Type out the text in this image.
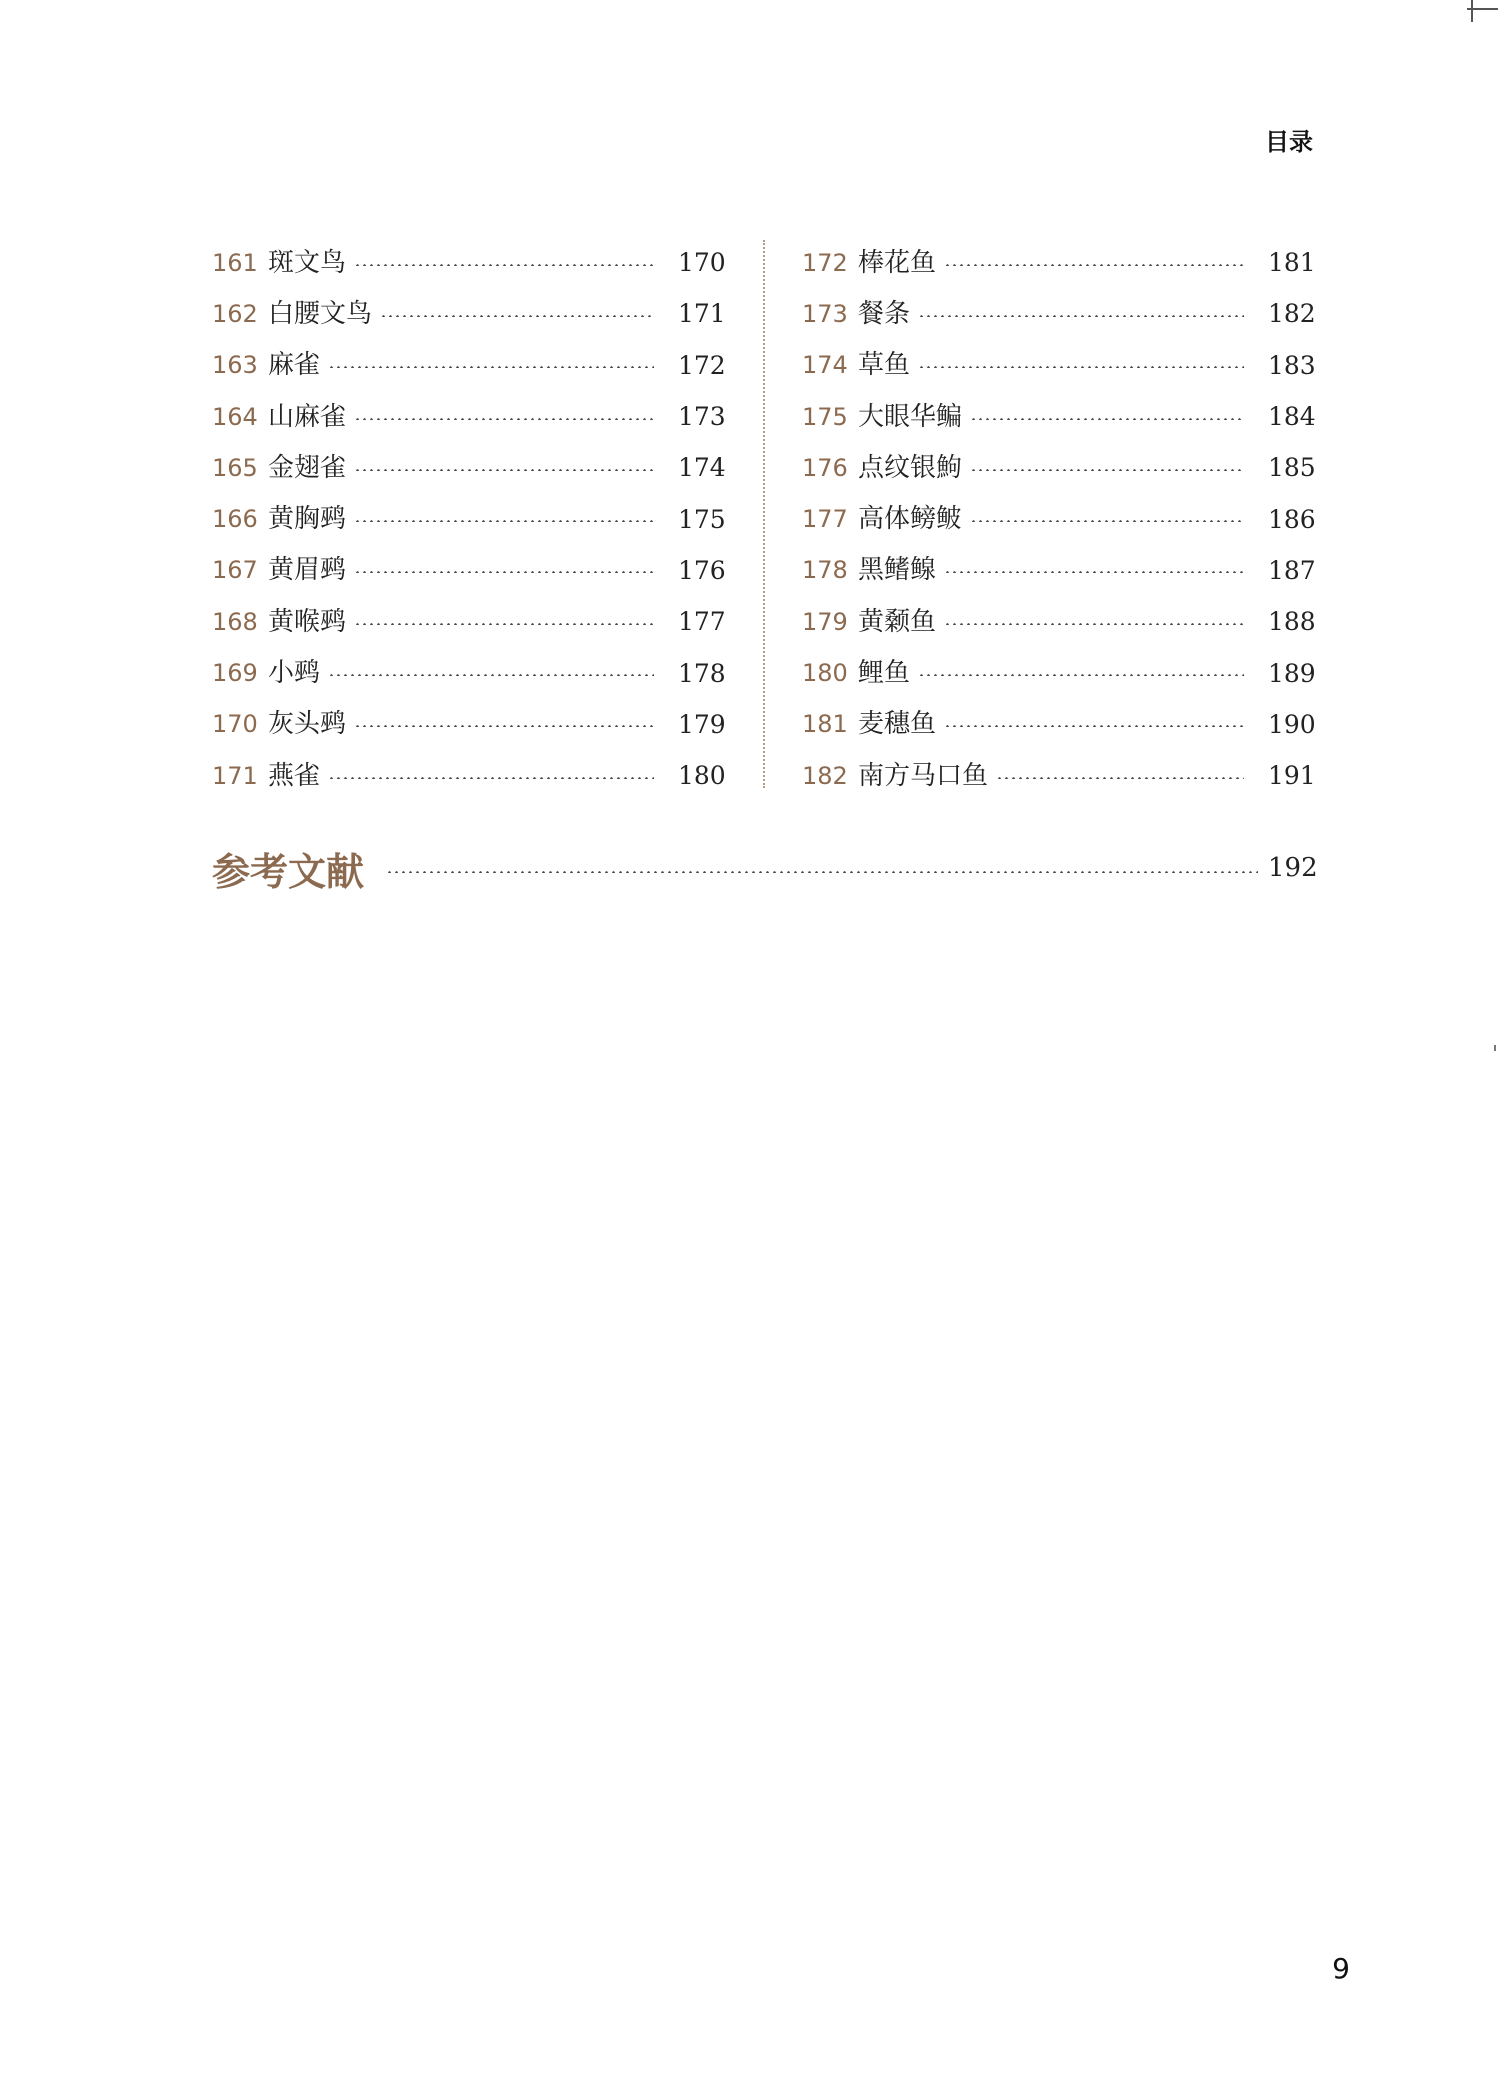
目录
161 斑文鸟	170
162 白腰文鸟	171
163 麻雀	172
164 山麻雀	173
165 金翅雀	174
166 黄胸鹀	175
167 黄眉鹀	176
168 黄喉鹀	177
169 小鹀	178
170 灰头鹀	179
171 燕雀	180
172 棒花鱼	181
173 餐条	182
174 草鱼	183
175 大眼华鳊	184
176 点纹银鮈	185
177 高体鳑鲏	186
178 黑鳍鳈	187
179 黄颡鱼	188
180 鲤鱼	189
181 麦穗鱼	190
182 南方马口鱼	191
参考文献	192
9
